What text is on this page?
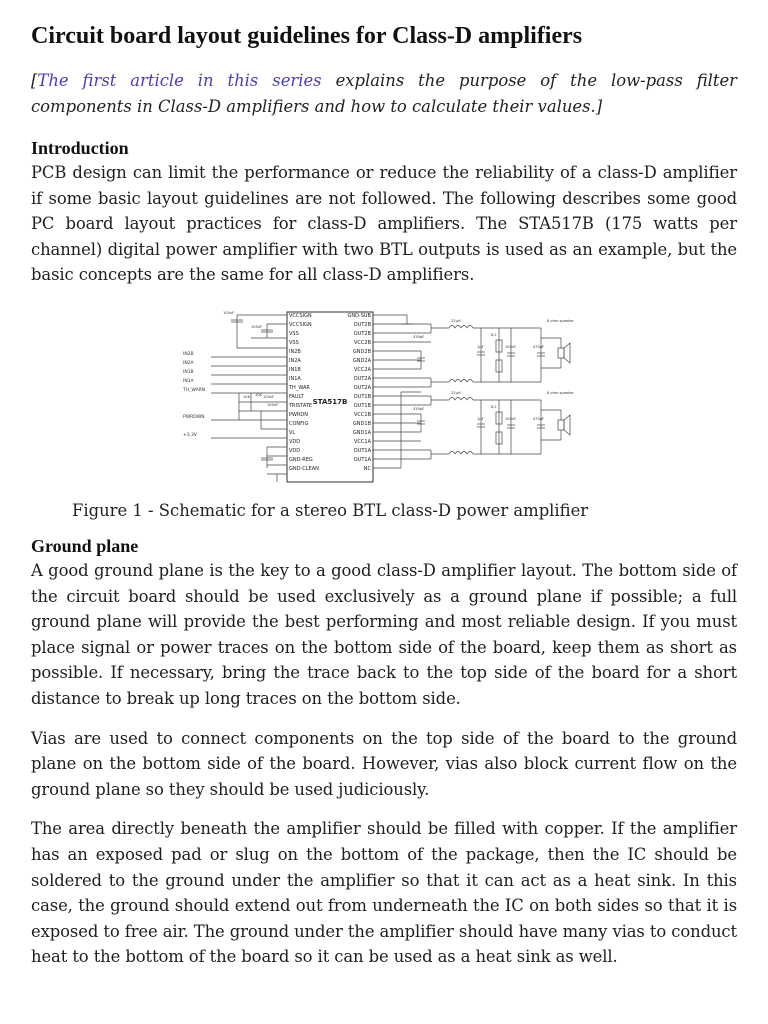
Circuit board layout guidelines for Class-D amplifiers

[The first article in this series explains the purpose of the low-pass filter components in Class-D amplifiers and how to calculate their values.]

Introduction

PCB design can limit the performance or reduce the reliability of a class-D amplifier if some basic layout guidelines are not followed. The following describes some good PC board layout practices for class-D amplifiers. The STA517B (175 watts per channel) digital power amplifier with two BTL outputs is used as an example, but the basic concepts are the same for all class-D amplifiers.

STA517B
VCCSIGN
VCCSIGN
VSS
VSS
IN2B
IN2A
IN1B
IN1A
TH_WAR
FAULT
TRISTATE
PWRDN
CONFIG
VL
VDD
VDD
GND-REG
GND-CLEAN
GND-SUB
OUT2B
OUT2B
VCC2B
GND2B
GND2A
VCC2A
OUT2A
OUT2A
OUT1B
OUT1B
VCC1B
GND1B
GND1A
VCC1A
OUT1A
OUT1A
NC
IN2B
IN2A
IN1B
IN1A
TH_WARN
PWRDWN
+3.3V
100nF
100nF
10K 10K 100nF
100nF
330pF
1μF
22μH
6.2
100nF	470nF
8 ohm speaker
330pF
1μF
22μH
6.2
100nF	470nF
8 ohm speaker
Figure 1 - Schematic for a stereo BTL class-D power amplifier
Ground plane

A good ground plane is the key to a good class-D amplifier layout. The bottom side of the circuit board should be used exclusively as a ground plane if possible; a full ground plane will provide the best performing and most reliable design. If you must place signal or power traces on the bottom side of the board, keep them as short as possible. If necessary, bring the trace back to the top side of the board for a short distance to break up long traces on the bottom side.

Vias are used to connect components on the top side of the board to the ground plane on the bottom side of the board. However, vias also block current flow on the ground plane so they should be used judiciously.

The area directly beneath the amplifier should be filled with copper. If the amplifier has an exposed pad or slug on the bottom of the package, then the IC should be soldered to the ground under the amplifier so that it can act as a heat sink. In this case, the ground should extend out from underneath the IC on both sides so that it is exposed to free air. The ground under the amplifier should have many vias to conduct heat to the bottom of the board so it can be used as a heat sink as well.
